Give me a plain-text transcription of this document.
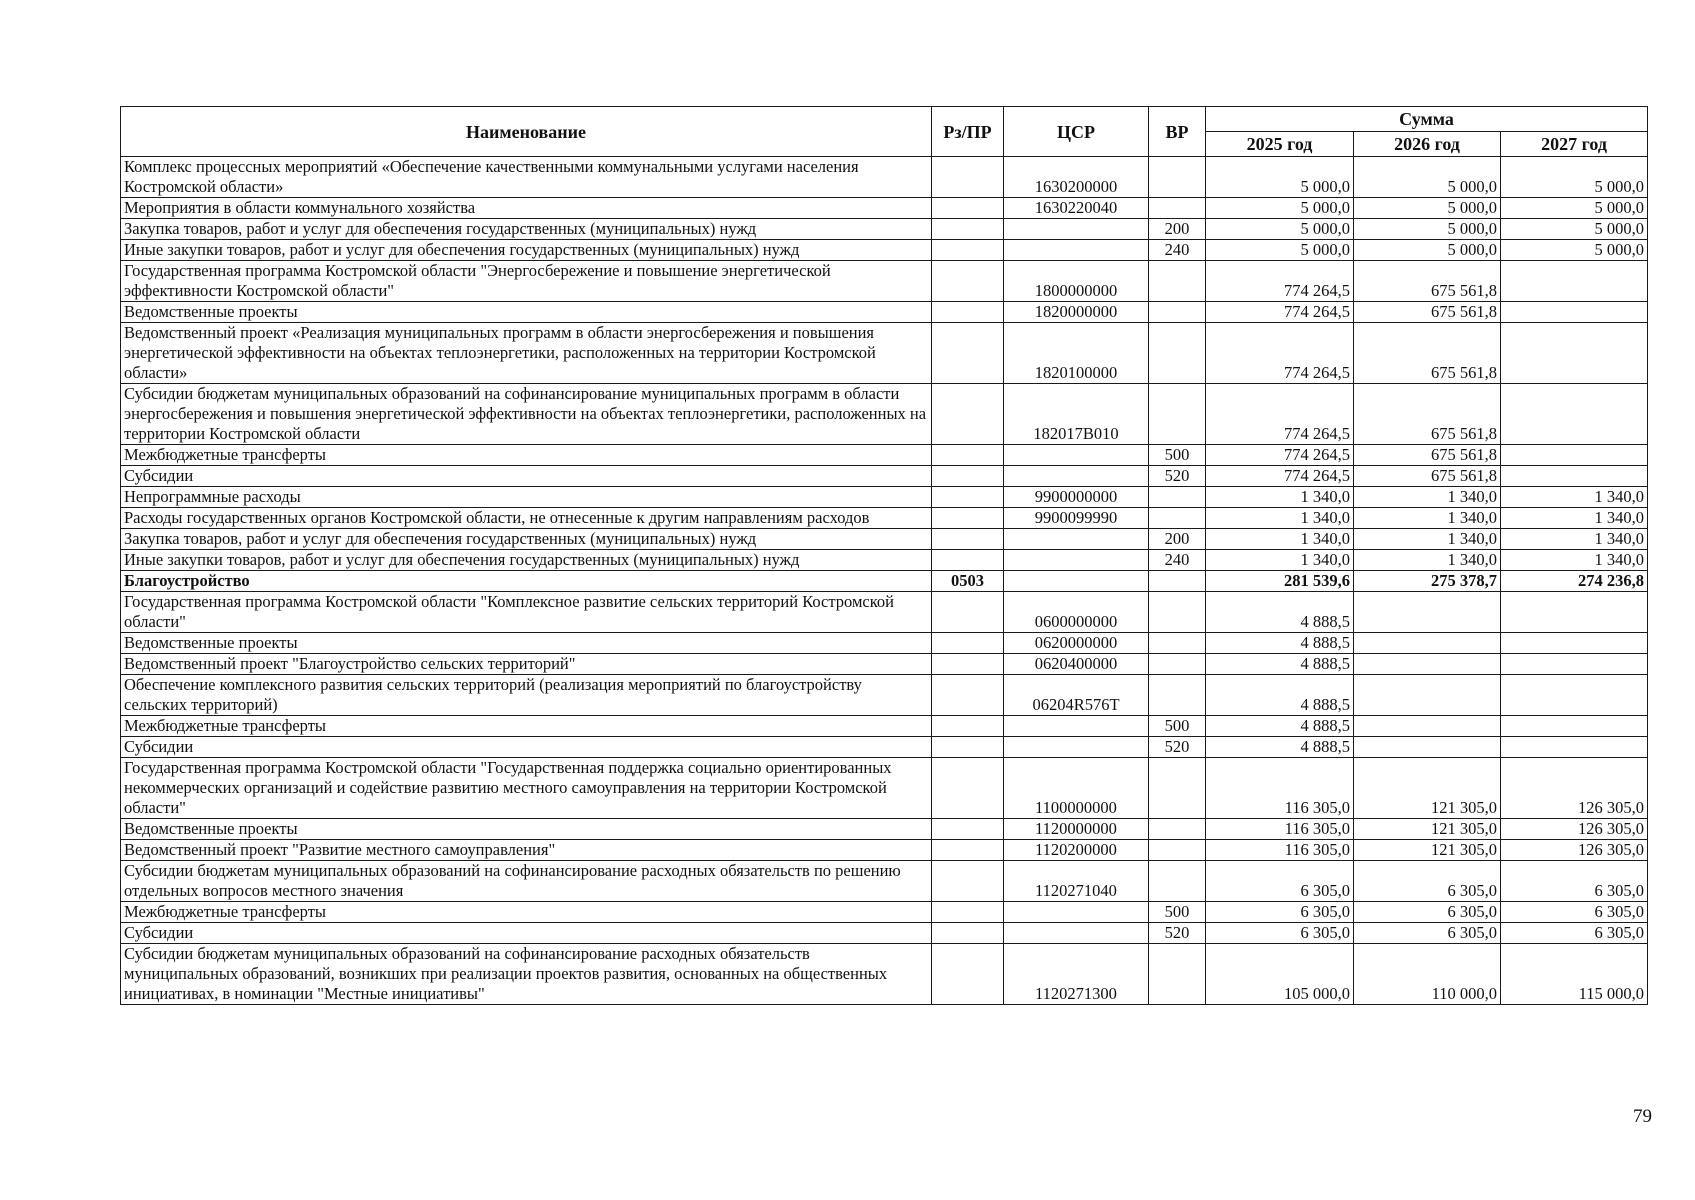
Наименование	Рз/ПР	ЦСР	ВР	Сумма		
				2025 год	2026 год	2027 год
Комплекс процессных мероприятий «Обеспечение качественными коммунальными услугами населения Костромской области»		1630200000		5 000,0	5 000,0	5 000,0
Мероприятия в области коммунального хозяйства		1630220040		5 000,0	5 000,0	5 000,0
Закупка товаров, работ и услуг для обеспечения государственных (муниципальных) нужд			200	5 000,0	5 000,0	5 000,0
Иные закупки товаров, работ и услуг для обеспечения государственных (муниципальных) нужд			240	5 000,0	5 000,0	5 000,0
Государственная программа Костромской области "Энергосбережение и повышение энергетической эффективности Костромской области"		1800000000		774 264,5	675 561,8	
Ведомственные проекты		1820000000		774 264,5	675 561,8	
Ведомственный проект «Реализация муниципальных программ в области энергосбережения и повышения энергетической эффективности на объектах теплоэнергетики, расположенных на территории Костромской области»		1820100000		774 264,5	675 561,8	
Субсидии бюджетам муниципальных образований на софинансирование муниципальных программ в области энергосбережения и повышения энергетической эффективности на объектах теплоэнергетики, расположенных на территории Костромской области		182017В010		774 264,5	675 561,8	
Межбюджетные трансферты			500	774 264,5	675 561,8	
Субсидии			520	774 264,5	675 561,8	
Непрограммные расходы		9900000000		1 340,0	1 340,0	1 340,0
Расходы государственных органов Костромской области, не отнесенные к другим направлениям расходов		9900099990		1 340,0	1 340,0	1 340,0
Закупка товаров, работ и услуг для обеспечения государственных (муниципальных) нужд			200	1 340,0	1 340,0	1 340,0
Иные закупки товаров, работ и услуг для обеспечения государственных (муниципальных) нужд			240	1 340,0	1 340,0	1 340,0
Благоустройство	0503			281 539,6	275 378,7	274 236,8
Государственная программа Костромской области "Комплексное развитие сельских территорий Костромской области"		0600000000		4 888,5		
Ведомственные проекты		0620000000		4 888,5		
Ведомственный проект "Благоустройство сельских территорий"		0620400000		4 888,5		
Обеспечение комплексного развития сельских территорий (реализация мероприятий по благоустройству сельских территорий)		06204R576T		4 888,5		
Межбюджетные трансферты			500	4 888,5		
Субсидии			520	4 888,5		
Государственная программа Костромской области "Государственная поддержка социально ориентированных некоммерческих организаций и содействие развитию местного самоуправления на территории Костромской области"		1100000000		116 305,0	121 305,0	126 305,0
Ведомственные проекты		1120000000		116 305,0	121 305,0	126 305,0
Ведомственный проект "Развитие местного самоуправления"		1120200000		116 305,0	121 305,0	126 305,0
Субсидии бюджетам муниципальных образований на софинансирование расходных обязательств по решению отдельных вопросов местного значения		1120271040		6 305,0	6 305,0	6 305,0
Межбюджетные трансферты			500	6 305,0	6 305,0	6 305,0
Субсидии			520	6 305,0	6 305,0	6 305,0
Субсидии бюджетам муниципальных образований на софинансирование расходных обязательств муниципальных образований, возникших при реализации проектов развития, основанных на общественных инициативах, в номинации "Местные инициативы"		1120271300		105 000,0	110 000,0	115 000,0
79
